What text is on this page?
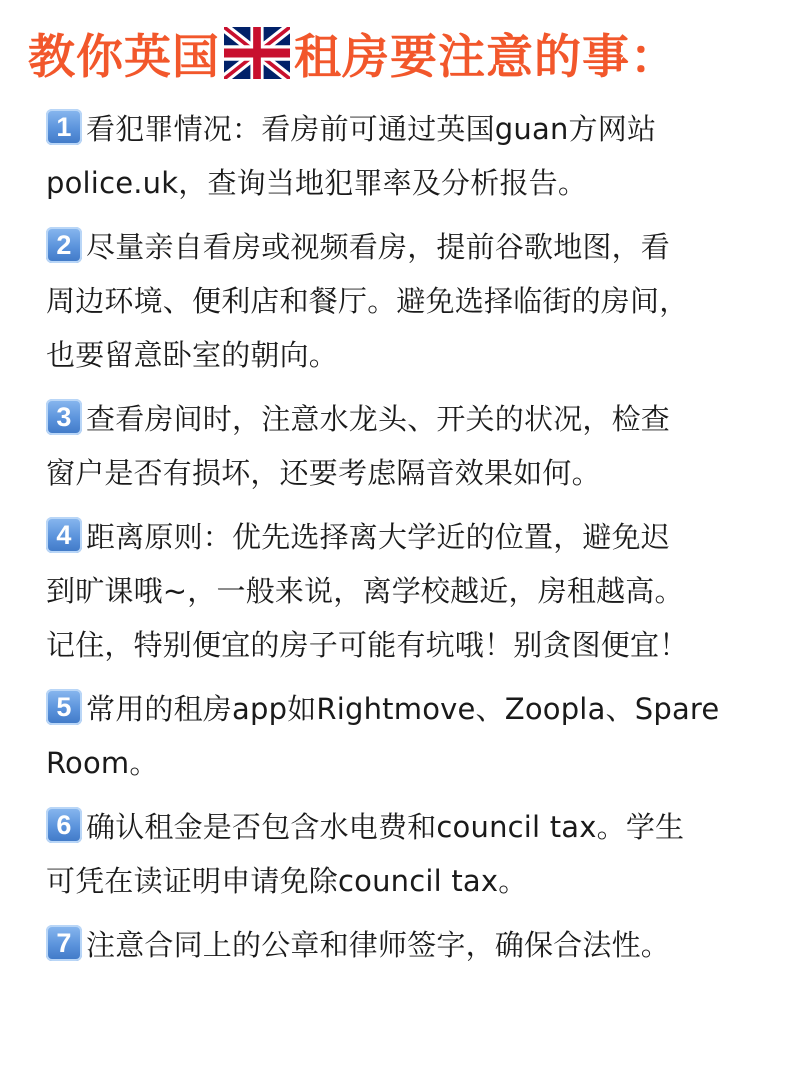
教你英国 租房要注意的事：
1 看犯罪情况：看房前可通过英国guan方网站
police.uk，查询当地犯罪率及分析报告。
2 尽量亲自看房或视频看房，提前谷歌地图，看
周边环境、便利店和餐厅。避免选择临街的房间，
也要留意卧室的朝向。
3 查看房间时，注意水龙头、开关的状况，检查
窗户是否有损坏，还要考虑隔音效果如何。
4 距离原则：优先选择离大学近的位置，避免迟
到旷课哦~，一般来说，离学校越近，房租越高。
记住，特别便宜的房子可能有坑哦！别贪图便宜！
5 常用的租房app如Rightmove、Zoopla、Spare
Room。
6 确认租金是否包含水电费和council tax。学生
可凭在读证明申请免除council tax。
7 注意合同上的公章和律师签字，确保合法性。
